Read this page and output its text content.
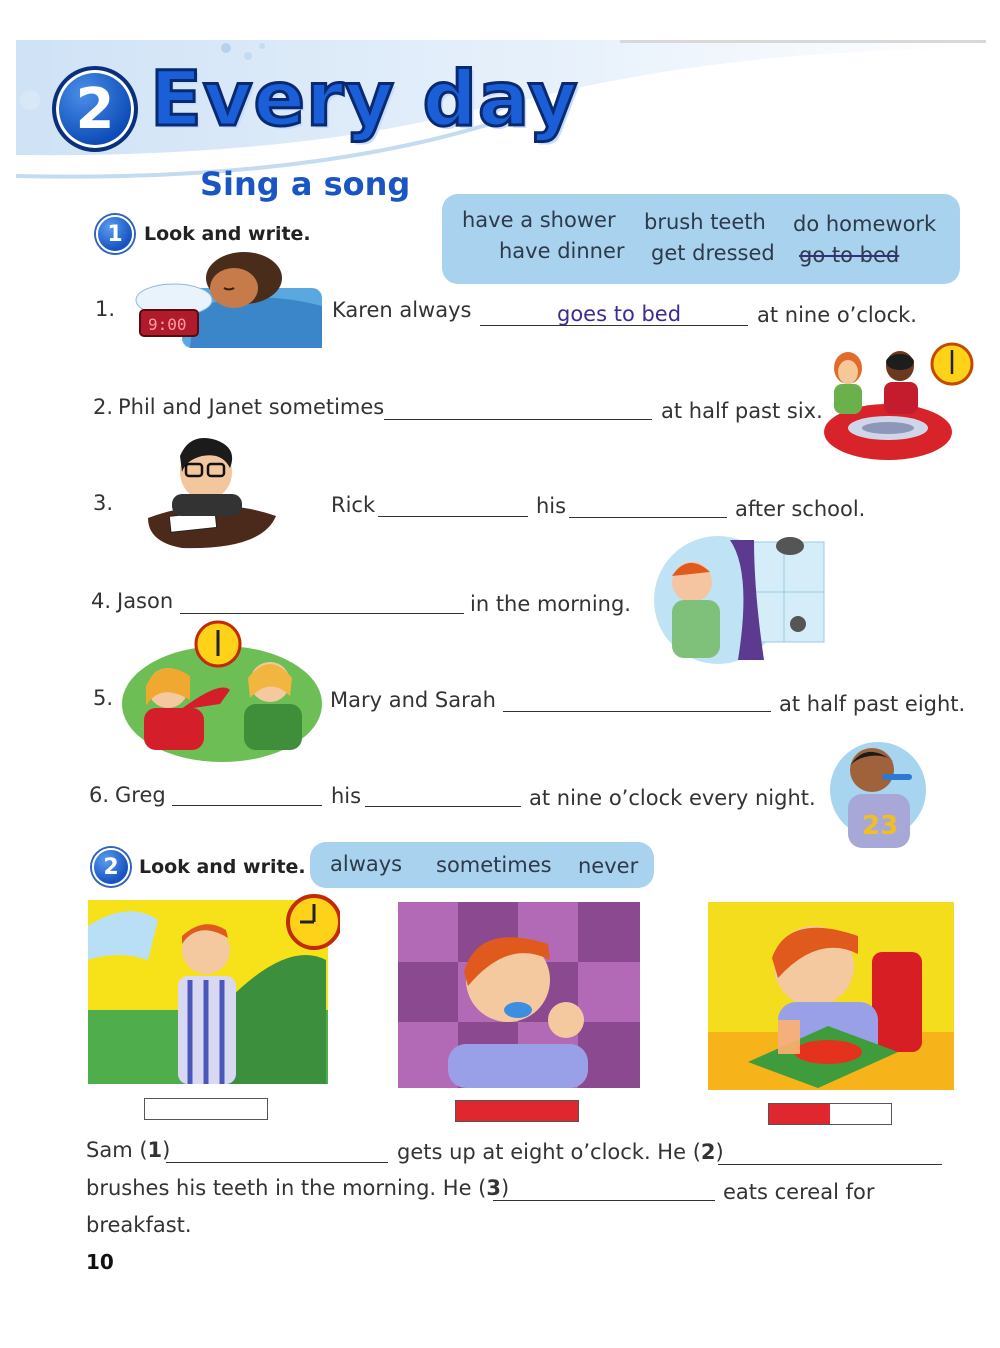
2 Every day
Sing a song
1	Look and write.
have a shower brush teeth do homework
have dinner get dressed go to bed
9:00
1.	Karen always	goes to bed	at nine o’clock.
2. Phil and Janet sometimes	at half past six.
3.	Rick	his	after school.
4. Jason	in the morning.
5.	Mary and Sarah	at half past eight.
6. Greg	his	at nine o’clock every night.
23
2	Look and write. always sometimes never
Sam (1)	gets up at eight o’clock. He (2)
brushes his teeth in the morning. He (3)	eats cereal for
breakfast.
10
